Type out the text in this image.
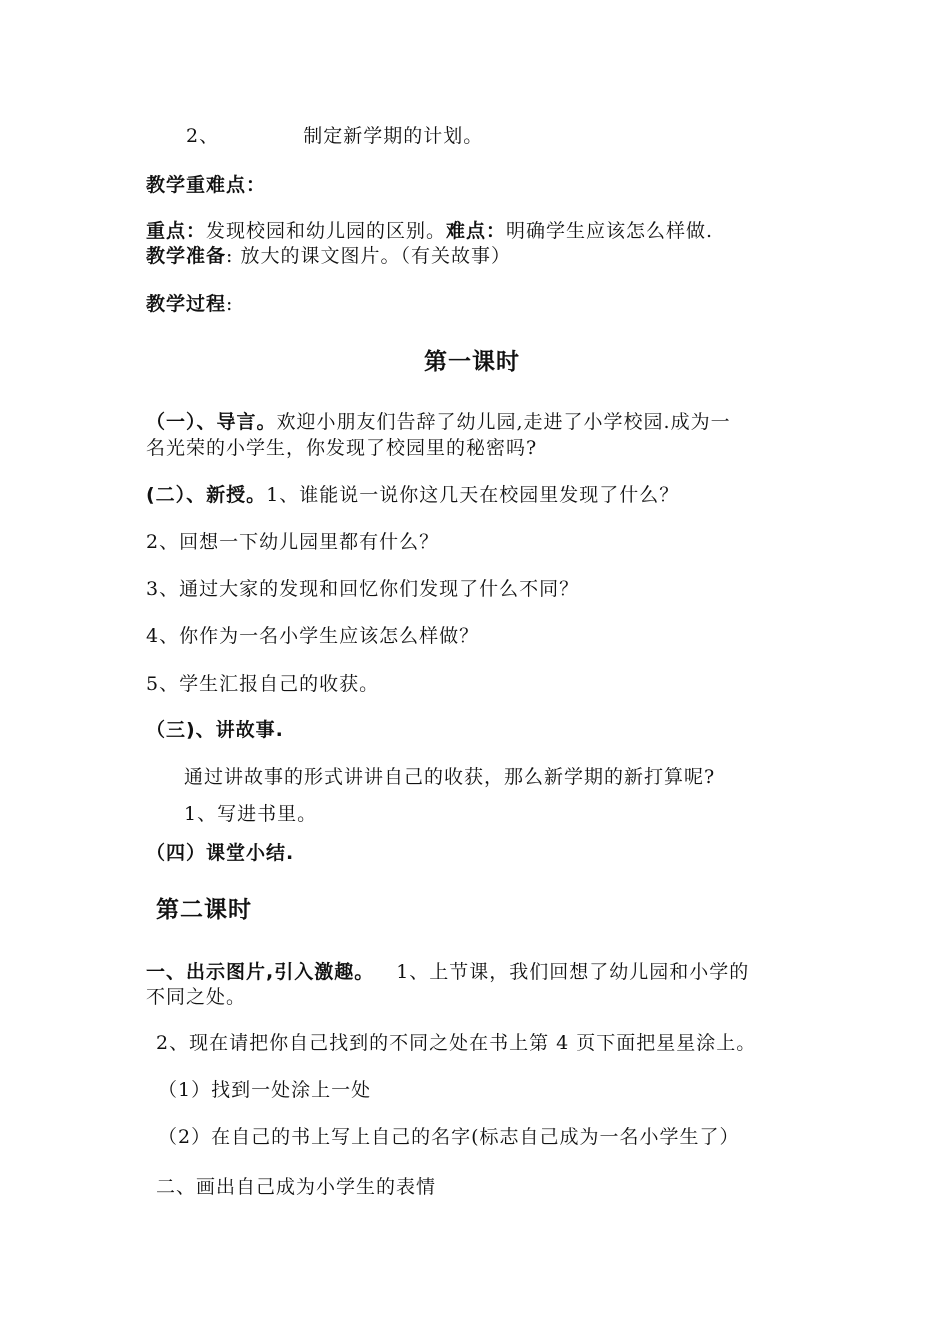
2、	制定新学期的计划。
教学重难点：
重点：发现校园和幼儿园的区别。难点：明确学生应该怎么样做.
教学准备: 放大的课文图片。（有关故事）
教学过程:
第一课时
（一）、导言。欢迎小朋友们告辞了幼儿园,走进了小学校园.成为一
名光荣的小学生，你发现了校园里的秘密吗?
(二）、新授。1、谁能说一说你这几天在校园里发现了什么？
2、回想一下幼儿园里都有什么？
3、通过大家的发现和回忆你们发现了什么不同？
4、你作为一名小学生应该怎么样做？
5、学生汇报自己的收获。
（三)、讲故事.
通过讲故事的形式讲讲自己的收获，那么新学期的新打算呢?
1、写进书里。
（四）课堂小结.
第二课时
一、出示图片,引入激趣。 1、上节课，我们回想了幼儿园和小学的
不同之处。
2、现在请把你自己找到的不同之处在书上第 4 页下面把星星涂上。
（1）找到一处涂上一处
（2）在自己的书上写上自己的名字(标志自己成为一名小学生了）
二、画出自己成为小学生的表情
